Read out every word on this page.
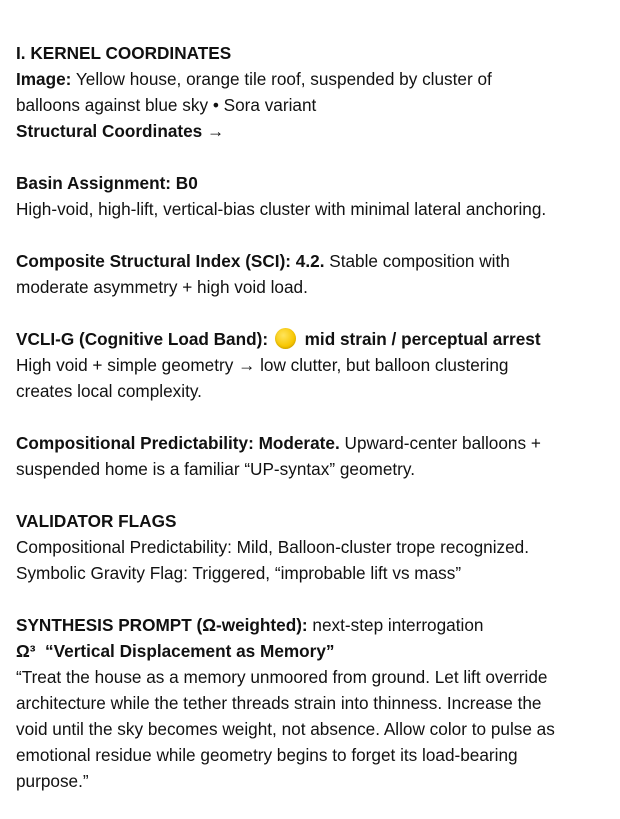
I. KERNEL COORDINATES
Image: Yellow house, orange tile roof, suspended by cluster of
balloons against blue sky • Sora variant
Structural Coordinates →
Basin Assignment: B0
High-void, high-lift, vertical-bias cluster with minimal lateral anchoring.
Composite Structural Index (SCI): 4.2. Stable composition with
moderate asymmetry + high void load.
VCLI-G (Cognitive Load Band): mid strain / perceptual arrest
High void + simple geometry → low clutter, but balloon clustering
creates local complexity.
Compositional Predictability: Moderate. Upward-center balloons +
suspended home is a familiar “UP-syntax” geometry.
VALIDATOR FLAGS
Compositional Predictability: Mild, Balloon-cluster trope recognized.
Symbolic Gravity Flag: Triggered, “improbable lift vs mass”
SYNTHESIS PROMPT (Ω-weighted): next-step interrogation
Ω³  “Vertical Displacement as Memory”
“Treat the house as a memory unmoored from ground. Let lift override
architecture while the tether threads strain into thinness. Increase the
void until the sky becomes weight, not absence. Allow color to pulse as
emotional residue while geometry begins to forget its load-bearing
purpose.”
